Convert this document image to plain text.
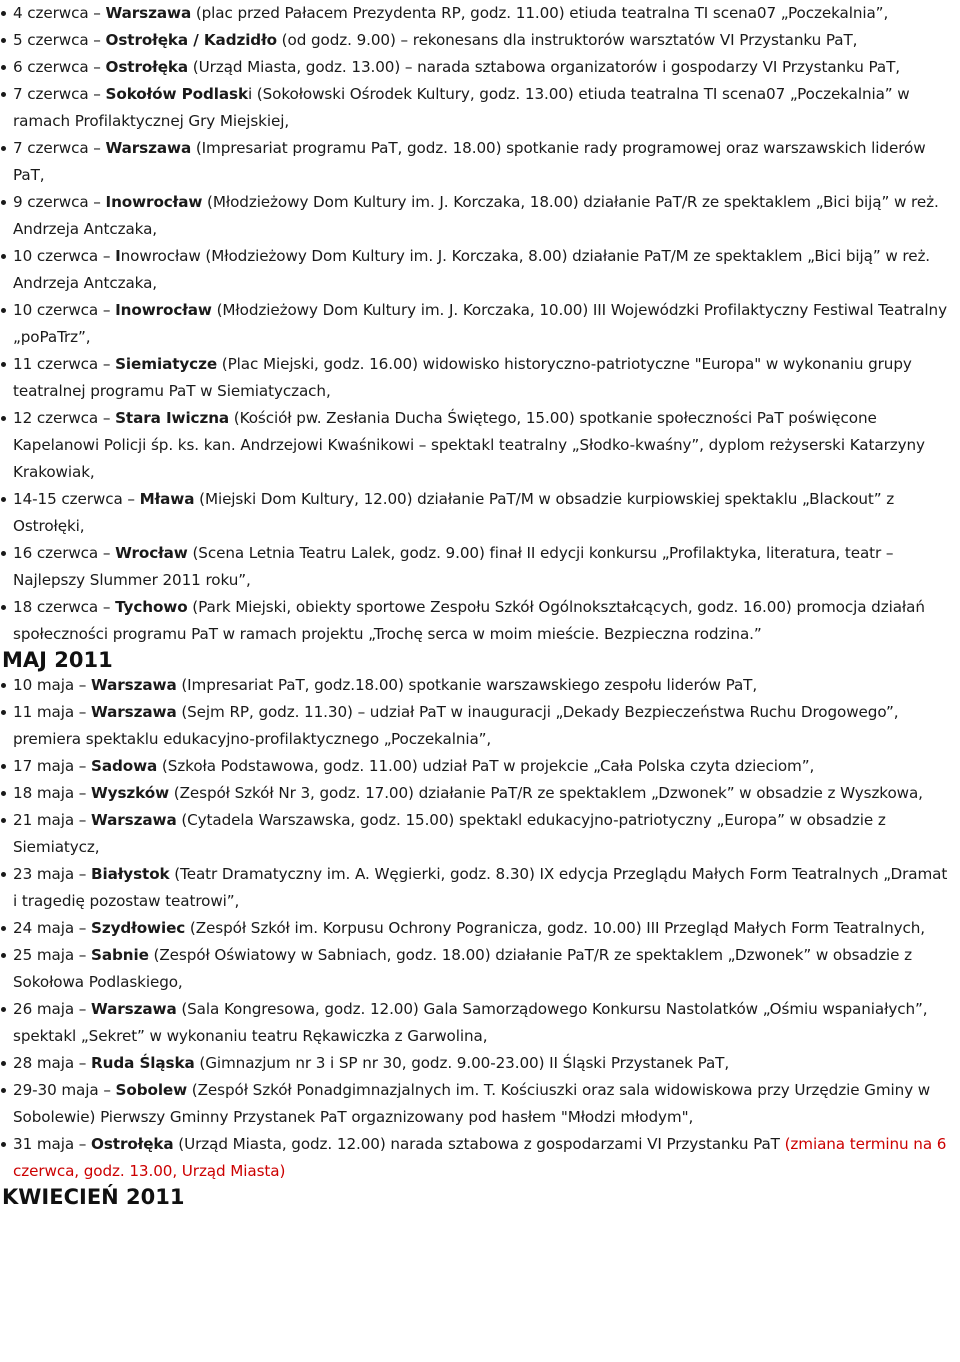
4 czerwca – Warszawa (plac przed Pałacem Prezydenta RP, godz. 11.00) etiuda teatralna TI scena07 „Poczekalnia”,
5 czerwca – Ostrołęka / Kadzidło (od godz. 9.00) – rekonesans dla instruktorów warsztatów VI Przystanku PaT,
6 czerwca – Ostrołęka (Urząd Miasta, godz. 13.00) – narada sztabowa organizatorów i gospodarzy VI Przystanku PaT,
7 czerwca – Sokołów Podlaski (Sokołowski Ośrodek Kultury, godz. 13.00) etiuda teatralna TI scena07 „Poczekalnia” w ramach Profilaktycznej Gry Miejskiej,
7 czerwca – Warszawa (Impresariat programu PaT, godz. 18.00) spotkanie rady programowej oraz warszawskich liderów PaT,
9 czerwca – Inowrocław (Młodzieżowy Dom Kultury im. J. Korczaka, 18.00) działanie PaT/R ze spektaklem „Bici biją” w reż. Andrzeja Antczaka,
10 czerwca – Inowrocław (Młodzieżowy Dom Kultury im. J. Korczaka, 8.00) działanie PaT/M ze spektaklem „Bici biją” w reż. Andrzeja Antczaka,
10 czerwca – Inowrocław (Młodzieżowy Dom Kultury im. J. Korczaka, 10.00) III Wojewódzki Profilaktyczny Festiwal Teatralny „poPaTrz”,
11 czerwca – Siemiatycze (Plac Miejski, godz. 16.00) widowisko historyczno-patriotyczne "Europa" w wykonaniu grupy teatralnej programu PaT w Siemiatyczach,
12 czerwca – Stara Iwiczna (Kościół pw. Zesłania Ducha Świętego, 15.00) spotkanie społeczności PaT poświęcone Kapelanowi Policji śp. ks. kan. Andrzejowi Kwaśnikowi – spektakl teatralny „Słodko-kwaśny”, dyplom reżyserski Katarzyny Krakowiak,
14-15 czerwca – Mława (Miejski Dom Kultury, 12.00) działanie PaT/M w obsadzie kurpiowskiej spektaklu „Blackout” z Ostrołęki,
16 czerwca – Wrocław (Scena Letnia Teatru Lalek, godz. 9.00) finał II edycji konkursu „Profilaktyka, literatura, teatr – Najlepszy Slummer 2011 roku”,
18 czerwca – Tychowo (Park Miejski, obiekty sportowe Zespołu Szkół Ogólnokształcących, godz. 16.00) promocja działań społeczności programu PaT w ramach projektu „Trochę serca w moim mieście. Bezpieczna rodzina.”
MAJ 2011
10 maja – Warszawa (Impresariat PaT, godz.18.00) spotkanie warszawskiego zespołu liderów PaT,
11 maja – Warszawa (Sejm RP, godz. 11.30) – udział PaT w inauguracji „Dekady Bezpieczeństwa Ruchu Drogowego”, premiera spektaklu edukacyjno-profilaktycznego „Poczekalnia”,
17 maja – Sadowa (Szkoła Podstawowa, godz. 11.00) udział PaT w projekcie „Cała Polska czyta dzieciom”,
18 maja – Wyszków (Zespół Szkół Nr 3, godz. 17.00) działanie PaT/R ze spektaklem „Dzwonek” w obsadzie z Wyszkowa,
21 maja – Warszawa (Cytadela Warszawska, godz. 15.00) spektakl edukacyjno-patriotyczny „Europa” w obsadzie z Siemiatycz,
23 maja – Białystok (Teatr Dramatyczny im. A. Węgierki, godz. 8.30) IX edycja Przeglądu Małych Form Teatralnych „Dramat i tragedię pozostaw teatrowi”,
24 maja – Szydłowiec (Zespół Szkół im. Korpusu Ochrony Pogranicza, godz. 10.00) III Przegląd Małych Form Teatralnych,
25 maja – Sabnie (Zespół Oświatowy w Sabniach, godz. 18.00) działanie PaT/R ze spektaklem „Dzwonek” w obsadzie z Sokołowa Podlaskiego,
26 maja – Warszawa (Sala Kongresowa, godz. 12.00) Gala Samorządowego Konkursu Nastolatków „Ośmiu wspaniałych”, spektakl „Sekret” w wykonaniu teatru Rękawiczka z Garwolina,
28 maja – Ruda Śląska (Gimnazjum nr 3 i SP nr 30, godz. 9.00-23.00) II Śląski Przystanek PaT,
29-30 maja – Sobolew (Zespół Szkół Ponadgimnazjalnych im. T. Kościuszki oraz sala widowiskowa przy Urzędzie Gminy w Sobolewie) Pierwszy Gminny Przystanek PaT orgaznizowany pod hasłem "Młodzi młodym",
31 maja – Ostrołęka (Urząd Miasta, godz. 12.00) narada sztabowa z gospodarzami VI Przystanku PaT (zmiana terminu na 6 czerwca, godz. 13.00, Urząd Miasta)
KWIECIEŃ 2011
